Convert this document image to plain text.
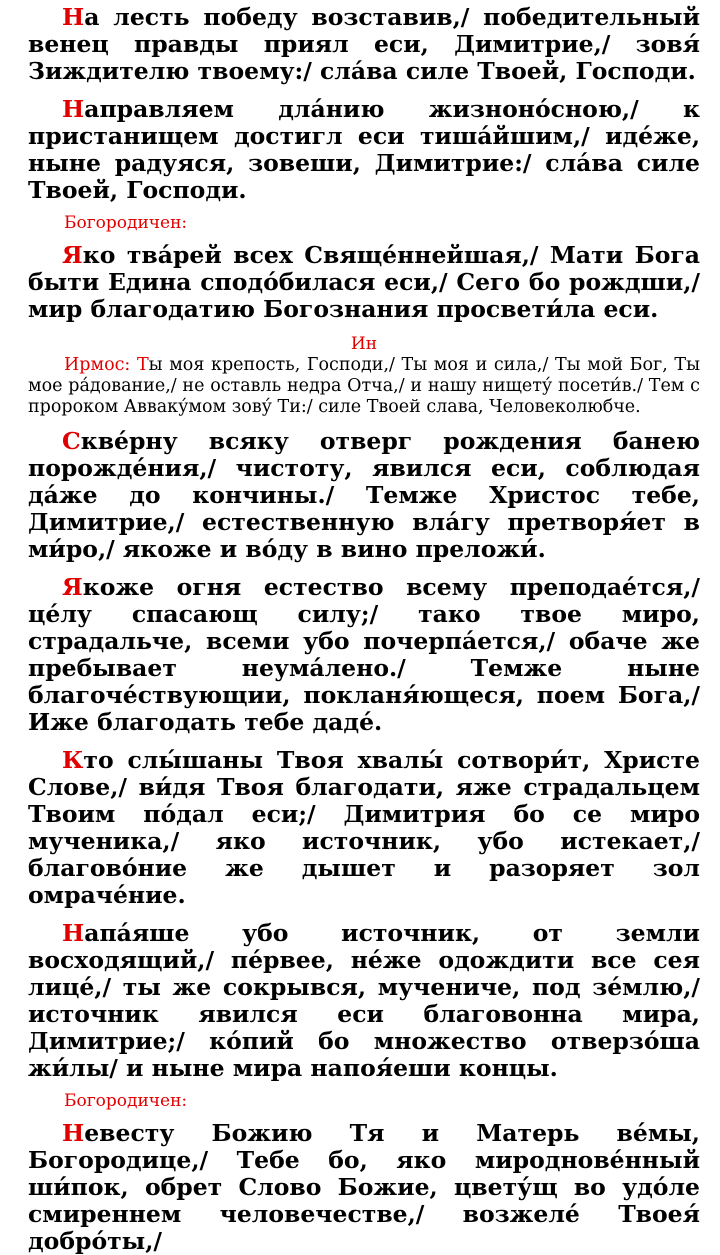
На лесть победу возставив,/ победительный венец правды приял еси, Димитрие,/ зовя́ Зиждителю твоему:/ сла́ва силе Твоей, Господи.

Направляем дла́нию жизноно́сною,/ к пристанищем достигл еси тиша́йшим,/ иде́же, ныне радуяся, зовеши, Димитрие:/ сла́ва силе Твоей, Господи.

Богородичен:

Яко тва́рей всех Свяще́ннейшая,/ Мати Бога быти Едина сподо́билася еси,/ Сего бо рождши,/ мир благодатию Богознания просвети́ла еси.

Ин

Ирмос: Ты моя крепость, Господи,/ Ты моя и сила,/ Ты мой Бог, Ты мое ра́дование,/ не оставль недра Отча,/ и нашу нищету́ посети́в./ Тем с пророком Авваку́мом зову́ Ти:/ силе Твоей слава, Человеколюбче.

Скве́рну всяку отверг рождения банею порожде́ния,/ чистоту, явился еси, соблюдая да́же до кончины./ Темже Христос тебе, Димитрие,/ естественную вла́гу претворя́ет в ми́ро,/ якоже и во́ду в вино преложи́.

Якоже огня естество всему преподае́тся,/ це́лу спасающ силу;/ тако твое миро, страдальче, всеми убо почерпа́ется,/ обаче же пребывает неума́лено./ Темже ныне благоче́ствующии, покланя́ющеся, поем Бога,/ Иже благодать тебе даде́.

Кто слы́шаны Твоя хвалы́ сотвори́т, Христе Слове,/ ви́дя Твоя благодати, яже страдальцем Твоим по́дал еси;/ Димитрия бо се миро мученика,/ яко источник, убо истекает,/ благово́ние же дышет и разоряет зол омраче́ние.

Напа́яше убо источник, от земли восходящий,/ пе́рвее, не́же одождити все сея лице́,/ ты же сокрывся, мучениче, под зе́млю,/ источник явился еси благовонна мира, Димитрие;/ ко́пий бо множество отверзо́ша жи́лы/ и ныне мира напоя́еши концы.

Богородичен:

Невесту Божию Тя и Матерь ве́мы, Богородице,/ Тебе бо, яко мироднове́нный ши́пок, обрет Слово Божие, цвету́щ во удо́ле смиреннем человечестве,/ возжеле́ Твоея́ добро́ты,/
